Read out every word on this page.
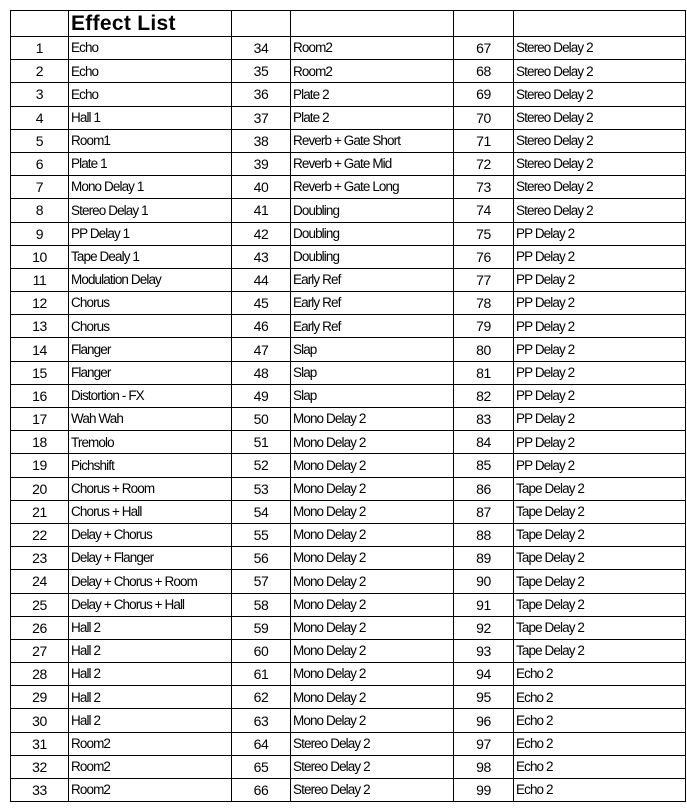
	Effect List				
1	Echo	34	Room2	67	Stereo Delay 2
2	Echo	35	Room2	68	Stereo Delay 2
3	Echo	36	Plate 2	69	Stereo Delay 2
4	Hall 1	37	Plate 2	70	Stereo Delay 2
5	Room1	38	Reverb + Gate Short	71	Stereo Delay 2
6	Plate 1	39	Reverb + Gate Mid	72	Stereo Delay 2
7	Mono Delay 1	40	Reverb + Gate Long	73	Stereo Delay 2
8	Stereo Delay 1	41	Doubling	74	Stereo Delay 2
9	PP Delay 1	42	Doubling	75	PP Delay 2
10	Tape Dealy 1	43	Doubling	76	PP Delay 2
11	Modulation Delay	44	Early Ref	77	PP Delay 2
12	Chorus	45	Early Ref	78	PP Delay 2
13	Chorus	46	Early Ref	79	PP Delay 2
14	Flanger	47	Slap	80	PP Delay 2
15	Flanger	48	Slap	81	PP Delay 2
16	Distortion - FX	49	Slap	82	PP Delay 2
17	Wah Wah	50	Mono Delay 2	83	PP Delay 2
18	Tremolo	51	Mono Delay 2	84	PP Delay 2
19	Pichshift	52	Mono Delay 2	85	PP Delay 2
20	Chorus + Room	53	Mono Delay 2	86	Tape Delay 2
21	Chorus + Hall	54	Mono Delay 2	87	Tape Delay 2
22	Delay + Chorus	55	Mono Delay 2	88	Tape Delay 2
23	Delay + Flanger	56	Mono Delay 2	89	Tape Delay 2
24	Delay + Chorus + Room	57	Mono Delay 2	90	Tape Delay 2
25	Delay + Chorus + Hall	58	Mono Delay 2	91	Tape Delay 2
26	Hall 2	59	Mono Delay 2	92	Tape Delay 2
27	Hall 2	60	Mono Delay 2	93	Tape Delay 2
28	Hall 2	61	Mono Delay 2	94	Echo 2
29	Hall 2	62	Mono Delay 2	95	Echo 2
30	Hall 2	63	Mono Delay 2	96	Echo 2
31	Room2	64	Stereo Delay 2	97	Echo 2
32	Room2	65	Stereo Delay 2	98	Echo 2
33	Room2	66	Stereo Delay 2	99	Echo 2
